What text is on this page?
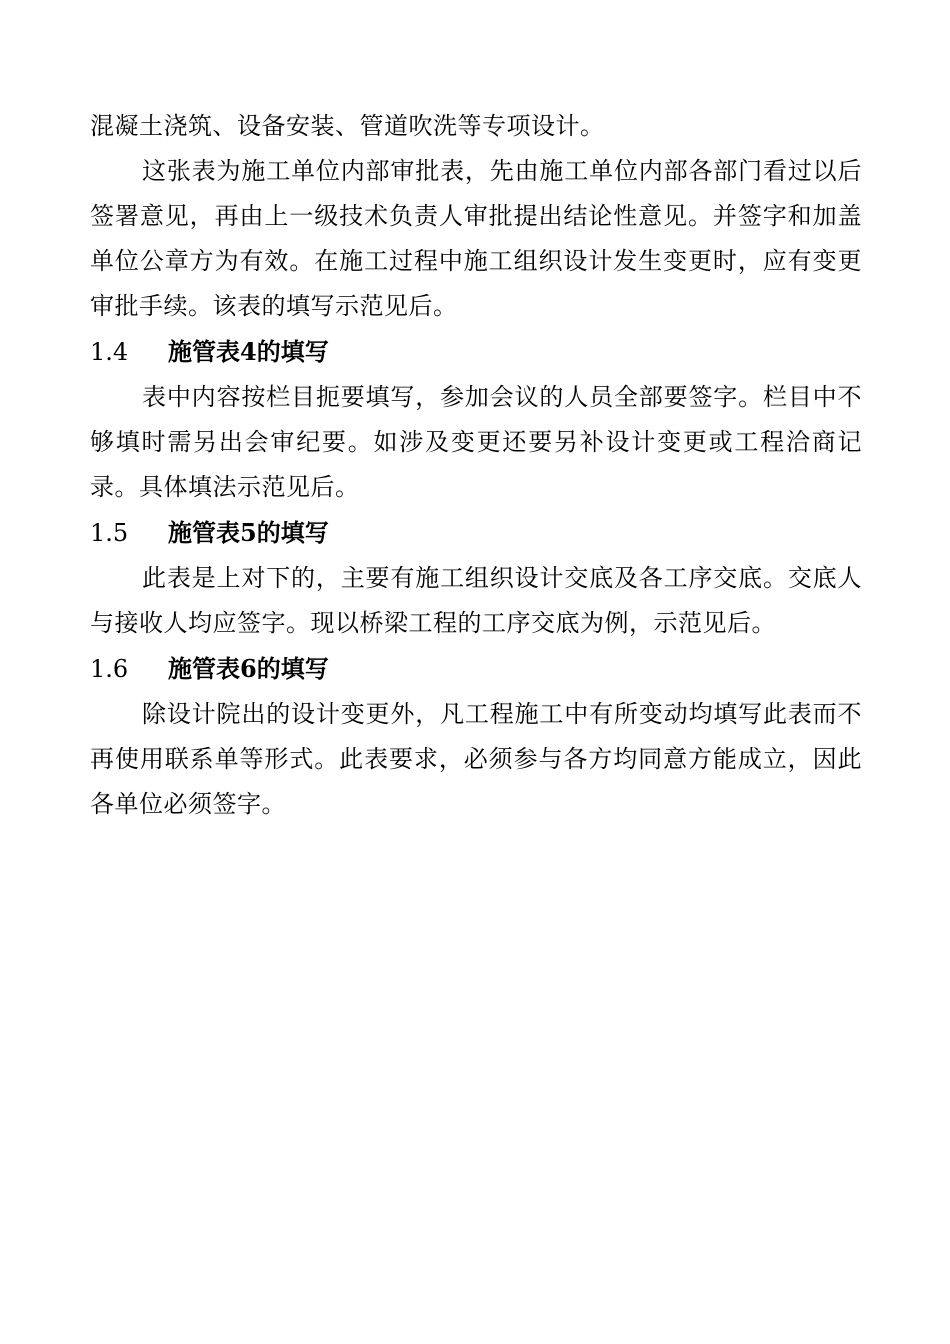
混凝土浇筑、设备安装、管道吹洗等专项设计。

这张表为施工单位内部审批表，先由施工单位内部各部门看过以后签署意见，再由上一级技术负责人审批提出结论性意见。并签字和加盖单位公章方为有效。在施工过程中施工组织设计发生变更时，应有变更审批手续。该表的填写示范见后。

1.4 施管表4的填写

表中内容按栏目扼要填写，参加会议的人员全部要签字。栏目中不够填时需另出会审纪要。如涉及变更还要另补设计变更或工程洽商记录。具体填法示范见后。

1.5 施管表5的填写

此表是上对下的，主要有施工组织设计交底及各工序交底。交底人与接收人均应签字。现以桥梁工程的工序交底为例，示范见后。

1.6 施管表6的填写

除设计院出的设计变更外，凡工程施工中有所变动均填写此表而不再使用联系单等形式。此表要求，必须参与各方均同意方能成立，因此各单位必须签字。
